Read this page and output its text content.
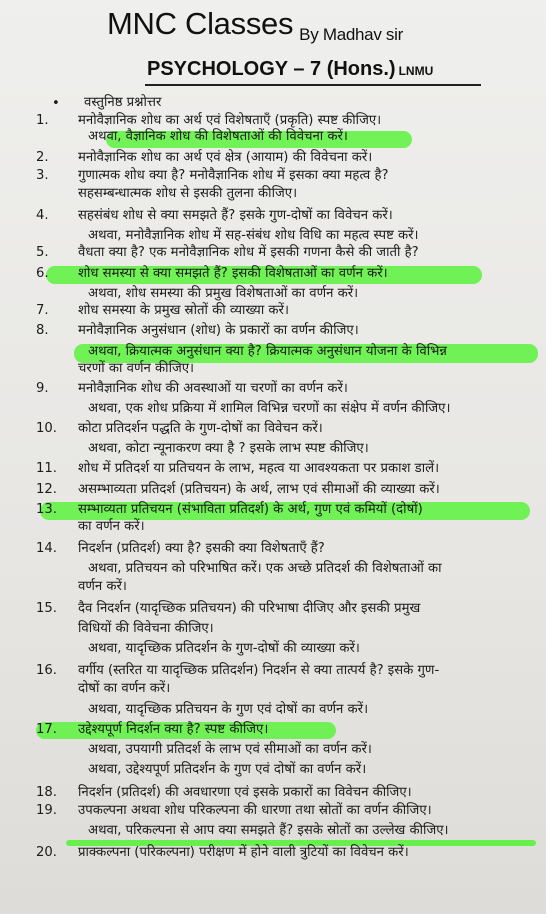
MNC Classes By Madhav sir
PSYCHOLOGY – 7 (Hons.) LNMU
• वस्तुनिष्ठ प्रश्नोत्तर
1. मनोवैज्ञानिक शोध का अर्थ एवं विशेषताएँ (प्रकृति) स्पष्ट कीजिए।
अथवा, वैज्ञानिक शोध की विशेषताओं की विवेचना करें।
2. मनोवैज्ञानिक शोध का अर्थ एवं क्षेत्र (आयाम) की विवेचना करें।
3. गुणात्मक शोध क्या है? मनोवैज्ञानिक शोध में इसका क्या महत्व है?
सहसम्बन्धात्मक शोध से इसकी तुलना कीजिए।
4. सहसंबंध शोध से क्या समझते हैं? इसके गुण-दोषों का विवेचन करें।
अथवा, मनोवैज्ञानिक शोध में सह-संबंध शोध विधि का महत्व स्पष्ट करें।
5. वैधता क्या है? एक मनोवैज्ञानिक शोध में इसकी गणना कैसे की जाती है?
6. शोध समस्या से क्या समझते हैं? इसकी विशेषताओं का वर्णन करें।
अथवा, शोध समस्या की प्रमुख विशेषताओं का वर्णन करें।
7. शोध समस्या के प्रमुख स्रोतों की व्याख्या करें।
8. मनोवैज्ञानिक अनुसंधान (शोध) के प्रकारों का वर्णन कीजिए।
अथवा, क्रियात्मक अनुसंधान क्या है? क्रियात्मक अनुसंधान योजना के विभिन्न
चरणों का वर्णन कीजिए।
9. मनोवैज्ञानिक शोध की अवस्थाओं या चरणों का वर्णन करें।
अथवा, एक शोध प्रक्रिया में शामिल विभिन्न चरणों का संक्षेप में वर्णन कीजिए।
10. कोटा प्रतिदर्शन पद्धति के गुण-दोषों का विवेचन करें।
अथवा, कोटा न्यूनाकरण क्या है ? इसके लाभ स्पष्ट कीजिए।
11. शोध में प्रतिदर्श या प्रतिचयन के लाभ, महत्व या आवश्यकता पर प्रकाश डालें।
12. असम्भाव्यता प्रतिदर्श (प्रतिचयन) के अर्थ, लाभ एवं सीमाओं की व्याख्या करें।
13. सम्भाव्यता प्रतिचयन (संभाविता प्रतिदर्श) के अर्थ, गुण एवं कमियों (दोषों)
का वर्णन करें।
14. निदर्शन (प्रतिदर्श) क्या है? इसकी क्या विशेषताएँ हैं?
अथवा, प्रतिचयन को परिभाषित करें। एक अच्छे प्रतिदर्श की विशेषताओं का
वर्णन करें।
15. दैव निदर्शन (यादृच्छिक प्रतिचयन) की परिभाषा दीजिए और इसकी प्रमुख
विधियों की विवेचना कीजिए।
अथवा, यादृच्छिक प्रतिदर्शन के गुण-दोषों की व्याख्या करें।
16. वर्गीय (स्तरित या यादृच्छिक प्रतिदर्शन) निदर्शन से क्या तात्पर्य है? इसके गुण-
दोषों का वर्णन करें।
अथवा, यादृच्छिक प्रतिचयन के गुण एवं दोषों का वर्णन करें।
17. उद्देश्यपूर्ण निदर्शन क्या है? स्पष्ट कीजिए।
अथवा, उपयागी प्रतिदर्श के लाभ एवं सीमाओं का वर्णन करें।
अथवा, उद्देश्यपूर्ण प्रतिदर्शन के गुण एवं दोषों का वर्णन करें।
18. निदर्शन (प्रतिदर्श) की अवधारणा एवं इसके प्रकारों का विवेचन कीजिए।
19. उपकल्पना अथवा शोध परिकल्पना की धारणा तथा स्रोतों का वर्णन कीजिए।
अथवा, परिकल्पना से आप क्या समझते हैं? इसके स्रोतों का उल्लेख कीजिए।
20. प्राक्कल्पना (परिकल्पना) परीक्षण में होने वाली त्रुटियों का विवेचन करें।
